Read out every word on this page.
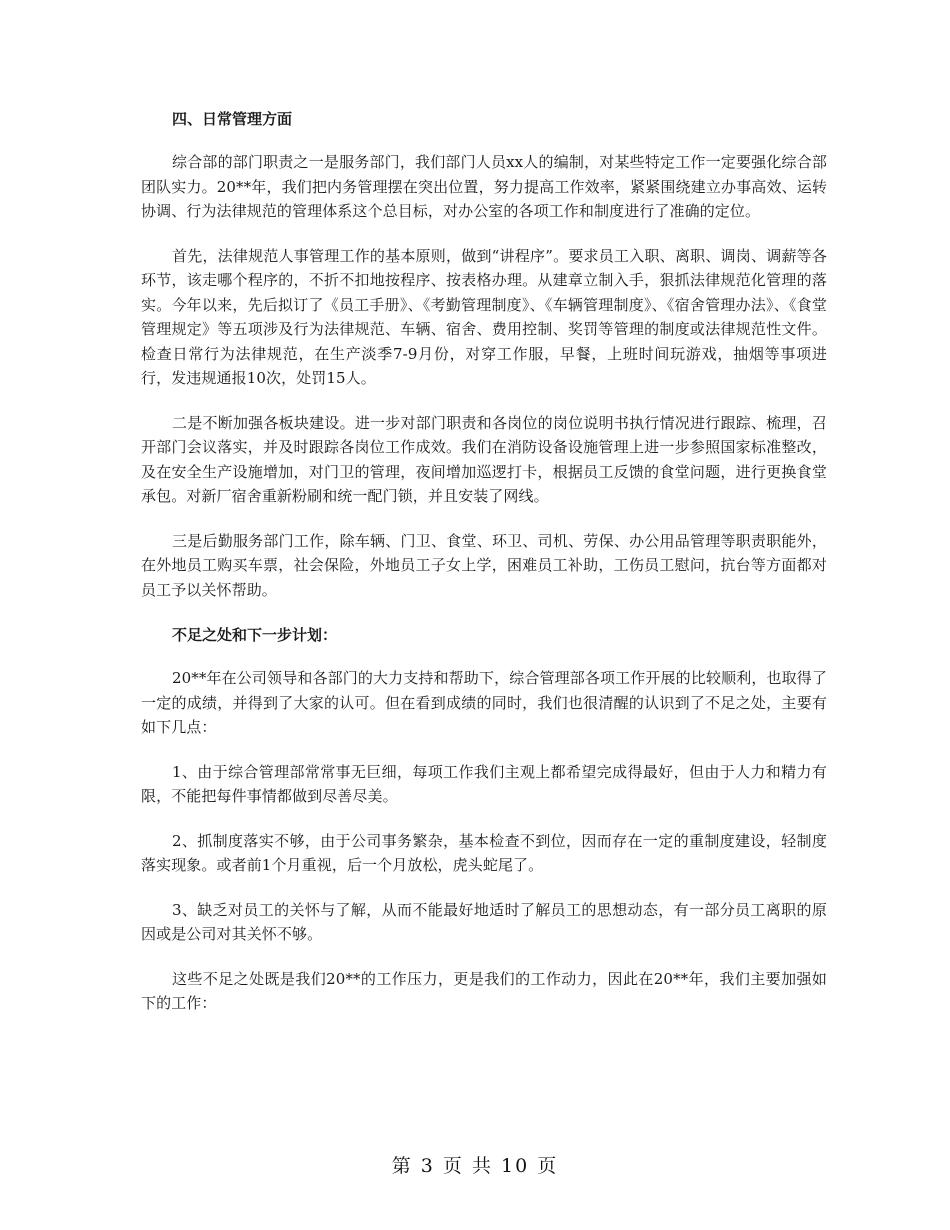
四、日常管理方面

综合部的部门职责之一是服务部门，我们部门人员xx人的编制，对某些特定工作一定要强化综合部团队实力。20**年，我们把内务管理摆在突出位置，努力提高工作效率，紧紧围绕建立办事高效、运转协调、行为法律规范的管理体系这个总目标，对办公室的各项工作和制度进行了准确的定位。

首先，法律规范人事管理工作的基本原则，做到“讲程序”。要求员工入职、离职、调岗、调薪等各环节，该走哪个程序的，不折不扣地按程序、按表格办理。从建章立制入手，狠抓法律规范化管理的落实。今年以来，先后拟订了《员工手册》、《考勤管理制度》、《车辆管理制度》、《宿舍管理办法》、《食堂管理规定》等五项涉及行为法律规范、车辆、宿舍、费用控制、奖罚等管理的制度或法律规范性文件。检查日常行为法律规范，在生产淡季7-9月份，对穿工作服，早餐，上班时间玩游戏，抽烟等事项进行，发违规通报10次，处罚15人。

二是不断加强各板块建设。进一步对部门职责和各岗位的岗位说明书执行情况进行跟踪、梳理，召开部门会议落实，并及时跟踪各岗位工作成效。我们在消防设备设施管理上进一步参照国家标准整改，及在安全生产设施增加，对门卫的管理，夜间增加巡逻打卡，根据员工反馈的食堂问题，进行更换食堂承包。对新厂宿舍重新粉刷和统一配门锁，并且安装了网线。

三是后勤服务部门工作，除车辆、门卫、食堂、环卫、司机、劳保、办公用品管理等职责职能外，在外地员工购买车票，社会保险，外地员工子女上学，困难员工补助，工伤员工慰问，抗台等方面都对员工予以关怀帮助。

不足之处和下一步计划：

20**年在公司领导和各部门的大力支持和帮助下，综合管理部各项工作开展的比较顺利，也取得了一定的成绩，并得到了大家的认可。但在看到成绩的同时，我们也很清醒的认识到了不足之处，主要有如下几点：

1、由于综合管理部常常事无巨细，每项工作我们主观上都希望完成得最好，但由于人力和精力有限，不能把每件事情都做到尽善尽美。

2、抓制度落实不够，由于公司事务繁杂，基本检查不到位，因而存在一定的重制度建设，轻制度落实现象。或者前1个月重视，后一个月放松，虎头蛇尾了。

3、缺乏对员工的关怀与了解，从而不能最好地适时了解员工的思想动态，有一部分员工离职的原因或是公司对其关怀不够。

这些不足之处既是我们20**的工作压力，更是我们的工作动力，因此在20**年，我们主要加强如下的工作：

第 3 页 共 10 页
